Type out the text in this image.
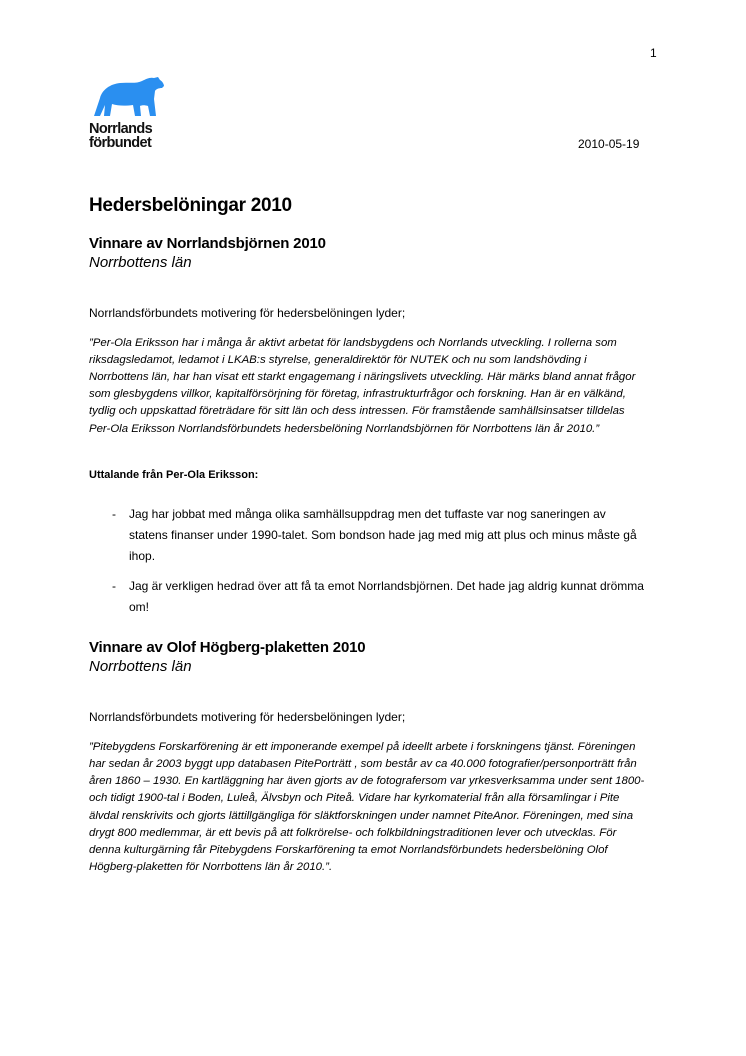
1
Norrlands
förbundet	2010-05-19
Hedersbelöningar 2010
Vinnare av Norrlandsbjörnen 2010
Norrbottens län

Norrlandsförbundets motivering för hedersbelöningen lyder;

”Per-Ola Eriksson har i många år aktivt arbetat för landsbygdens och Norrlands utveckling. I rollerna som riksdagsledamot, ledamot i LKAB:s styrelse, generaldirektör för NUTEK och nu som landshövding i Norrbottens län, har han visat ett starkt engagemang i näringslivets utveckling. Här märks bland annat frågor som glesbygdens villkor, kapitalförsörjning för företag, infrastrukturfrågor och forskning. Han är en välkänd, tydlig och uppskattad företrädare för sitt län och dess intressen. För framstående samhällsinsatser tilldelas Per-Ola Eriksson Norrlandsförbundets hedersbelöning Norrlandsbjörnen för Norrbottens län år 2010.”

Uttalande från Per-Ola Eriksson:

- Jag har jobbat med många olika samhällsuppdrag men det tuffaste var nog saneringen av statens finanser under 1990-talet. Som bondson hade jag med mig att plus och minus måste gå ihop.
- Jag är verkligen hedrad över att få ta emot Norrlandsbjörnen. Det hade jag aldrig kunnat drömma om!
Vinnare av Olof Högberg-plaketten 2010
Norrbottens län

Norrlandsförbundets motivering för hedersbelöningen lyder;

”Pitebygdens Forskarförening är ett imponerande exempel på ideellt arbete i forskningens tjänst. Föreningen har sedan år 2003 byggt upp databasen PitePorträtt , som består av ca 40.000 fotografier/personporträtt från åren 1860 – 1930. En kartläggning har även gjorts av de fotografersom var yrkesverksamma under sent 1800- och tidigt 1900-tal i Boden, Luleå, Älvsbyn och Piteå. Vidare har kyrkomaterial från alla församlingar i Pite älvdal renskrivits och gjorts lättillgängliga för släktforskningen under namnet PiteAnor. Föreningen, med sina drygt 800 medlemmar, är ett bevis på att folkrörelse- och folkbildningstraditionen lever och utvecklas. För denna kulturgärning får Pitebygdens Forskarförening ta emot Norrlandsförbundets hedersbelöning Olof Högberg-plaketten för Norrbottens län år 2010.”.
